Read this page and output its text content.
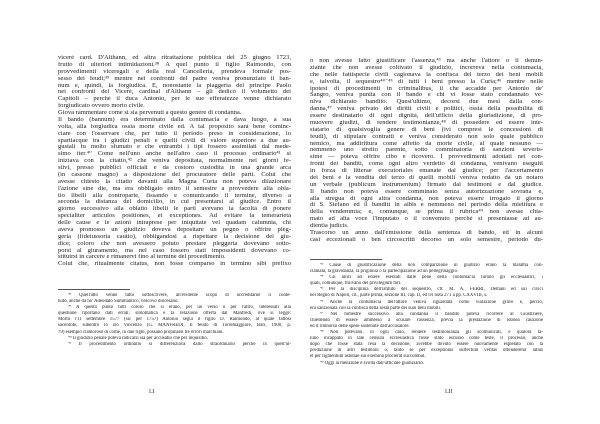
viceré card. D'Althann, ed altra ritrattazione pubblica del 25 giugno 1723,
frutto di ulteriori intimidazioni.³⁸ A quel punto il figlio Raimondo, con
provvedimenti viceregali e della real Cancelleria, prendeva formale pos-
sesso dei feudi;³⁹ mentre nei confronti del padre veniva pronunziato il ban-
num e, quindi, la forgiudica. E, nonostante la piaggeria del principe Paolo
nei confronti del Viceré, cardinal d'Althann – gli dedicò il volumetto dei
Capitoli – perché il duca Antonio, per le sue efferatezze venne dichiarato
forgiudicato ovvero morto civile.
Giova rammentare come si sia pervenuti a questo genere di condanna.
Il bando (bannum) era determinato dalla contumacia e dava luogo, a sua
volta, alla forgiudica ossia morte civile ed. A tal proposito sarà bene cominc-
ciare con l'osservare che, per tutto il periodo preso in considerazione, lo
spartiacque tra i giudizi penali e quelli civili di valore superiore a due au-
gustali fu molto sfumato e che entrambi i tipi fossero assimilati dal mede-
simo iter.⁴⁰ Come nell'uno anche nell'altro caso il processo ordinario⁴¹ si
iniziava con la citatio,⁴² che veniva depositata, normalmente nei giorni fe-
stivi, presso pubblici officiali e da costoro custodita in una grande arca
(in cassone magno) a disposizione del procuratore delle parti. Colui che
avesse chiesto la citatio davanti alla Magna Curia non poteva dilazionare
l'azione sine die, ma era obbligato entro il semestre a provvedere alla obla-
tio libelli alla controparte, fissando e comunicando il termine, diverso a
seconda la distanza del domicilio, in cui presentarsi al giudice. Entro il
giorno successivo alla oblatio libelli le parti avevano la facoltà di ponere
specialiter articulos positiones, et exceptiones. Ad evitare la temerarietà
delle cause e le azioni intraprese per iniquitate vel quadam calumnia, chi
aveva promosso un giudizio doveva depositare un pegno o offrire pleg-
geria (fideiussoria cautio), obbligandosi a rispettare la decisione del giu-
dice; coloro che non avessero potuto prestare pleggeria dovevano sotto-
porsi al giuramento, ma nel caso fossero stati impossidenti dovevano co-
stituirsi in carcere e rimanervi fino al termine del procedimento.
Colui che, ritualmente citatus, non fosse comparso in termino sibi prefixo
³⁸ Quell'atto venne fatto sottoscrivere, all'evidente scopo di accreditarne il conte-
nuto, anche da ho' Adeodato Summantico, vescovo diocesano.
³⁹ A questo punto tutti coloro che si erano, per un verso o per l'altro, interessati alla
questione riportano dati errati; sintomatica è la relazione offerta dal Manfredi, ove si legge:
Morto l'11 settembre 1577 (sic per 1757) Antonio seguì il figlio D. Raimondo, al quale fattosi
sacerdote, subentrò lo zio Vincenzo (G. MANFREDI, Il feudo di Torremaggiore, Bari, 1900, p.
79) esempio clamoroso di come, in due righi, possano propinarsi tre errori marchiani.
⁴⁰ Il giudizio penale poteva radicarsi sia per accusatio che per inquisitio.
⁴¹ Il procedimento ordinario si differenziava dallo straordinario perché in quest'ul-
LI
o non avesse fatto giustificare l'assenza,⁴³ ma anche l'attore o il denun-
ziante che non avesse coltivato il giudizio, incorreva nella contumacia,
che nelle fattispecie civili cagionava la confisca del terzo dei beni mobili
e, talvolta, il sequestro⁴⁴⁻⁴⁵ di tutti i beni presso la Curia;⁴⁶ mentre nelle
ipotesi di procedimenti in criminalibus, il che accadde per Antonio de'
Sangro, veniva punita con il bando e chi vi fosse stato condannato ve-
niva dichiarato bandito. Quest'ultimo, decorsi due mesi dalla con-
danna,⁴⁷ veniva privato dei diritti civili e politici, ossia della possibilità di
essere destinatario di ogni dignità, dell'ufficio della giurisdizione, di pro-
muovere giudizi, di rendere testimonianze,⁴⁸ di possedere ed essere inte-
statario di qualsivoglia genere di beni (ivi compresi le concessioni di
feudi), di stipulare contratti e veniva considerato non solo quale pubblico
nemico, ma addirittura come affetto da morte civile, al quale nessuno —
nemmeno uno stretto parente, sotto comminatoria di sanzioni severis-
sime — poteva offrire cibo e ricovero. I provvedimenti adottati nei con-
fronti dei banditi, come ogni altro verdetto di condanna, venivano eseguiti
in forza di litterae executoriales emanate dal giudice; per l'accertamento
dei beni e la vendita del terzo di quelli mobili veniva redatto da un notaro
un verbale (publicum instrumentum) firmato dai testimoni e dal giudice.
Il bando non poteva essere comminato senza autorizzazione sovrana e,
alla stregua di ogni altra condanna, non poteva essere irrogato il giorno
di S. Stefano ed il banditi in albis e nemmeno nel periodo della mietitura e
della vendemmia; e, comunque, se prima il rubrica⁴⁹ non avesse chia-
mato ad alta voce l'imputato o il convenuto perché si presentasse ad au-
dientia judicis.
Trascorso un anno dall'emissione della sentenza di bando, ed in alcuni
casi eccezionali o ben circoscritti decorso un solo semestre, periodo du-
⁴³ Cause di giustificazione della non comparizione in giudizio erano la malattia con-
clamata, la gravidanza, la prigionia o la partecipazione ad un pellegrinaggio.
⁴⁴ Gli unici ad essere esentati dalle pene della contumacia furono gli ecclesiastici, i
quali, comunque, fruivano del privilegium fori.
⁴⁵ Per la disciplina dell'istituto del sequestro, cfr. M. A. FERRI, Demani ed usi civici
nel Regno di Napoli, cit., parte prima, sezione III, cap. II, ed ivi nota 271 a pp. CXXVIII, s.
⁴⁶ Anche la contumacia dell'attore veniva riguardata come violazione grave e, perciò,
era sanzionata con la confisca della sesta parte dei suoi beni mobili.
⁴⁷ Nel bimestre successivo alla condanna il bandito poteva ricorrere al Giustiziere,
chiedendo di essere ammesso a scusare l'assenza, previa la prestazione di idonea cauzione
ed il rimborso delle spese sostenute dall'accusatore.
⁴⁸ Non potevano, in ogni caso, rendere testimonianza gli scomunicati, e qualora ta-
luno incappato in tale censura ecclesiastica fosse stato escusso come teste, il processo, anche
dopo che fosse stata resa la decisione, avrebbe dovuto essere nuovamente espletato con la
produzione di altri testimoni o, tanto se per exceptionis suffectum veritas offenderetur latius
et per figmentum astutiae sui exemina proclerat succumbat.
⁴⁹ Oggi la menzione è svolta dall'ufficiale giudiziario.
LII
